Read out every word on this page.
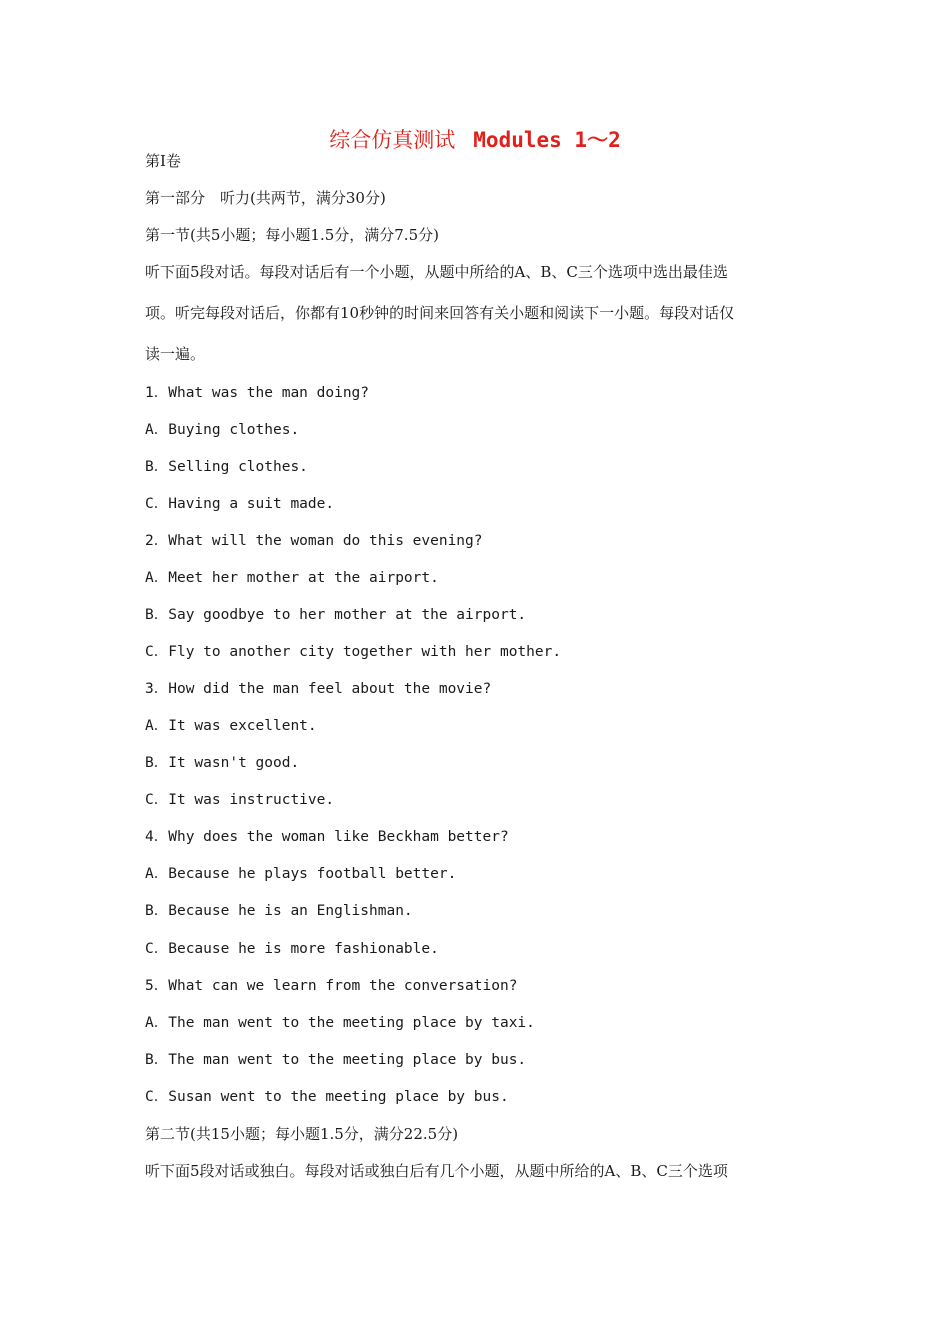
综合仿真测试 Modules 1～2
第Ⅰ卷
第一部分　听力(共两节，满分30分)
第一节(共5小题；每小题1.5分，满分7.5分)
听下面5段对话。每段对话后有一个小题，从题中所给的A、B、C三个选项中选出最佳选
项。听完每段对话后，你都有10秒钟的时间来回答有关小题和阅读下一小题。每段对话仅
读一遍。
1．What was the man doing?
A．Buying clothes.
B．Selling clothes.
C．Having a suit made.
2．What will the woman do this evening?
A．Meet her mother at the airport.
B．Say goodbye to her mother at the airport.
C．Fly to another city together with her mother.
3．How did the man feel about the movie?
A．It was excellent.
B．It wasn't good.
C．It was instructive.
4．Why does the woman like Beckham better?
A．Because he plays football better.
B．Because he is an Englishman.
C．Because he is more fashionable.
5．What can we learn from the conversation?
A．The man went to the meeting place by taxi.
B．The man went to the meeting place by bus.
C．Susan went to the meeting place by bus.
第二节(共15小题；每小题1.5分，满分22.5分)
听下面5段对话或独白。每段对话或独白后有几个小题，从题中所给的A、B、C三个选项
